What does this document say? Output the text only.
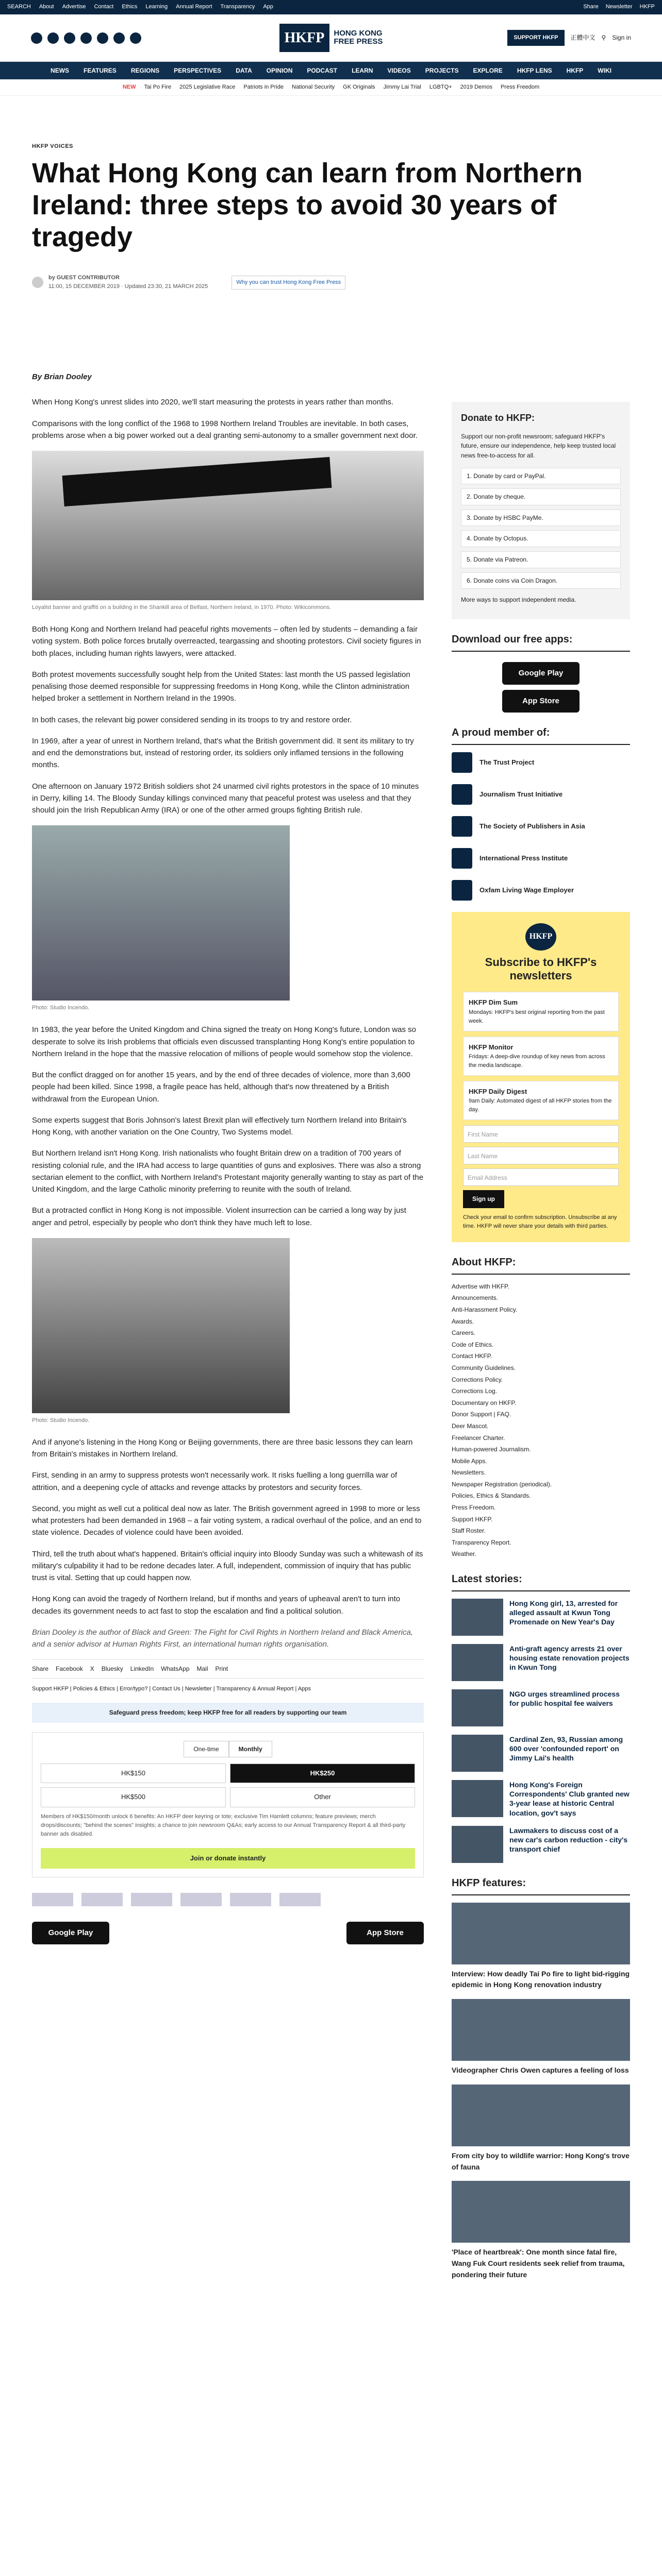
SEARCH About Advertise Contact Ethics Learning Annual Report Transparency App	Share Newsletter HKFP
HKFP	HONG KONG
FREE PRESS	SUPPORT HKFP	正體中文 ⚲ Sign in
NEWS FEATURES REGIONS PERSPECTIVES DATA OPINION PODCAST LEARN VIDEOS PROJECTS EXPLORE HKFP LENS HKFP WIKI
NEW Tai Po Fire 2025 Legislative Race Patriots in Pride National Security GK Originals Jimmy Lai Trial LGBTQ+ 2019 Demos Press Freedom
HKFP VOICES
What Hong Kong can learn from Northern Ireland: three steps to avoid 30 years of tragedy
by GUEST CONTRIBUTOR
11:00, 15 DECEMBER 2019 · Updated 23:30, 21 MARCH 2025
Why you can trust Hong Kong Free Press
By Brian Dooley

When Hong Kong's unrest slides into 2020, we'll start measuring the protests in years rather than months.

Comparisons with the long conflict of the 1968 to 1998 Northern Ireland Troubles are inevitable. In both cases, problems arose when a big power worked out a deal granting semi-autonomy to a smaller government next door.

Loyalist banner and graffiti on a building in the Shankill area of Belfast, Northern Ireland, in 1970. Photo: Wikicommons.

Both Hong Kong and Northern Ireland had peaceful rights movements – often led by students – demanding a fair voting system. Both police forces brutally overreacted, teargassing and shooting protestors. Civil society figures in both places, including human rights lawyers, were attacked.

Both protest movements successfully sought help from the United States: last month the US passed legislation penalising those deemed responsible for suppressing freedoms in Hong Kong, while the Clinton administration helped broker a settlement in Northern Ireland in the 1990s.

In both cases, the relevant big power considered sending in its troops to try and restore order.

In 1969, after a year of unrest in Northern Ireland, that's what the British government did. It sent its military to try and end the demonstrations but, instead of restoring order, its soldiers only inflamed tensions in the following months.

One afternoon on January 1972 British soldiers shot 24 unarmed civil rights protestors in the space of 10 minutes in Derry, killing 14. The Bloody Sunday killings convinced many that peaceful protest was useless and that they should join the Irish Republican Army (IRA) or one of the other armed groups fighting British rule.

Photo: Studio Incendo.

In 1983, the year before the United Kingdom and China signed the treaty on Hong Kong's future, London was so desperate to solve its Irish problems that officials even discussed transplanting Hong Kong's entire population to Northern Ireland in the hope that the massive relocation of millions of people would somehow stop the violence.

But the conflict dragged on for another 15 years, and by the end of three decades of violence, more than 3,600 people had been killed. Since 1998, a fragile peace has held, although that's now threatened by a British withdrawal from the European Union.

Some experts suggest that Boris Johnson's latest Brexit plan will effectively turn Northern Ireland into Britain's Hong Kong, with another variation on the One Country, Two Systems model.

But Northern Ireland isn't Hong Kong. Irish nationalists who fought Britain drew on a tradition of 700 years of resisting colonial rule, and the IRA had access to large quantities of guns and explosives. There was also a strong sectarian element to the conflict, with Northern Ireland's Protestant majority generally wanting to stay as part of the United Kingdom, and the large Catholic minority preferring to reunite with the south of Ireland.

But a protracted conflict in Hong Kong is not impossible. Violent insurrection can be carried a long way by just anger and petrol, especially by people who don't think they have much left to lose.

Photo: Studio Incendo.

And if anyone's listening in the Hong Kong or Beijing governments, there are three basic lessons they can learn from Britain's mistakes in Northern Ireland.

First, sending in an army to suppress protests won't necessarily work. It risks fuelling a long guerrilla war of attrition, and a deepening cycle of attacks and revenge attacks by protestors and security forces.

Second, you might as well cut a political deal now as later. The British government agreed in 1998 to more or less what protesters had been demanded in 1968 – a fair voting system, a radical overhaul of the police, and an end to state violence. Decades of violence could have been avoided.

Third, tell the truth about what's happened. Britain's official inquiry into Bloody Sunday was such a whitewash of its military's culpability it had to be redone decades later. A full, independent, commission of inquiry that has public trust is vital. Setting that up could happen now.

Hong Kong can avoid the tragedy of Northern Ireland, but if months and years of upheaval aren't to turn into decades its government needs to act fast to stop the escalation and find a political solution.

Brian Dooley is the author of Black and Green: The Fight for Civil Rights in Northern Ireland and Black America, and a senior advisor at Human Rights First, an international human rights organisation.

Share Facebook X Bluesky LinkedIn WhatsApp Mail Print
Support HKFP | Policies & Ethics | Error/typo? | Contact Us | Newsletter | Transparency & Annual Report | Apps
Safeguard press freedom; keep HKFP free for all readers by supporting our team
One-time	Monthly
HK$150	HK$250
HK$500	Other

Members of HK$150/month unlock 6 benefits: An HKFP deer keyring or tote; exclusive Tim Hamlett columns; feature previews; merch drops/discounts; "behind the scenes" insights; a chance to join newsroom Q&As; early access to our Annual Transparency Report & all third-party banner ads disabled.

Join or donate instantly
Google Play	App Store
Donate to HKFP:

Support our non-profit newsroom; safeguard HKFP's future, ensure our independence, help keep trusted local news free-to-access for all.

1. Donate by card or PayPal.
2. Donate by cheque.
3. Donate by HSBC PayMe.
4. Donate by Octopus.
5. Donate via Patreon.
6. Donate coins via Coin Dragon.

More ways to support independent media.

Download our free apps:
Google Play
App Store
A proud member of:
The Trust Project
Journalism Trust Initiative
The Society of Publishers in Asia
International Press Institute
Oxfam Living Wage Employer
HKFP
Subscribe to HKFP's newsletters
HKFP Dim Sum
Mondays: HKFP's best original reporting from the past week.
HKFP Monitor
Fridays: A deep-dive roundup of key news from across the media landscape.
HKFP Daily Digest
9am Daily: Automated digest of all HKFP stories from the day.
First Name
Last Name
Email Address
Sign up

Check your email to confirm subscription. Unsubscribe at any time. HKFP will never share your details with third parties.

About HKFP:
Advertise with HKFP.
Announcements.
Anti-Harassment Policy.
Awards.
Careers.
Code of Ethics.
Contact HKFP.
Community Guidelines.
Corrections Policy.
Corrections Log.
Documentary on HKFP.
Donor Support | FAQ.
Deer Mascot.
Freelancer Charter.
Human-powered Journalism.
Mobile Apps.
Newsletters.
Newspaper Registration (periodical).
Policies, Ethics & Standards.
Press Freedom.
Support HKFP.
Staff Roster.
Transparency Report.
Weather.
Latest stories:
Hong Kong girl, 13, arrested for alleged assault at Kwun Tong Promenade on New Year's Day
Anti-graft agency arrests 21 over housing estate renovation projects in Kwun Tong
NGO urges streamlined process for public hospital fee waivers
Cardinal Zen, 93, Russian among 600 over 'confounded report' on Jimmy Lai's health
Hong Kong's Foreign Correspondents' Club granted new 3-year lease at historic Central location, gov't says
Lawmakers to discuss cost of a new car's carbon reduction - city's transport chief
HKFP features:
Interview: How deadly Tai Po fire to light bid-rigging epidemic in Hong Kong renovation industry
Videographer Chris Owen captures a feeling of loss
From city boy to wildlife warrior: Hong Kong's trove of fauna
'Place of heartbreak': One month since fatal fire, Wang Fuk Court residents seek relief from trauma, pondering their future
